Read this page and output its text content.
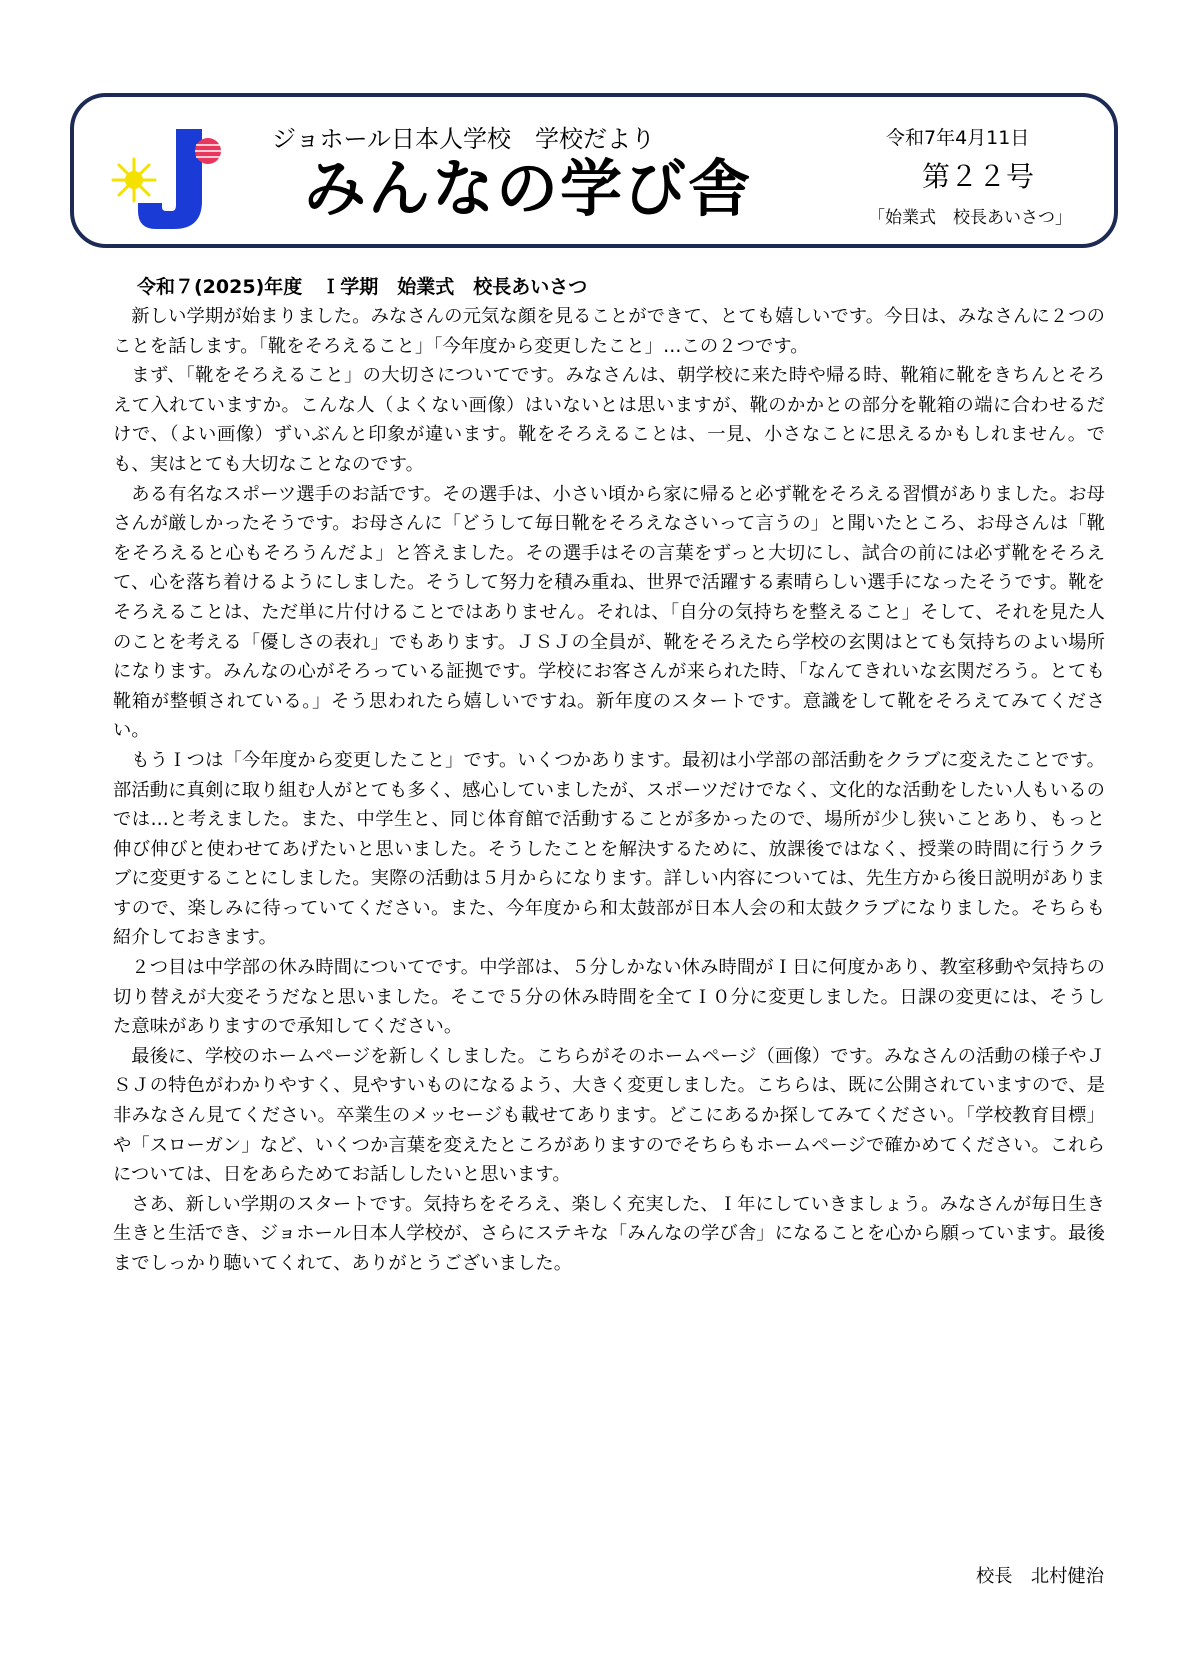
ジョホール日本人学校　学校だより
みんなの学び舎
令和7年4月11日
第２２号
「始業式　校長あいさつ」
令和７(2025)年度　Ｉ学期　始業式　校長あいさつ

新しい学期が始まりました。みなさんの元気な顔を見ることができて、とても嬉しいです。今日は、みなさんに２つのことを話します。「靴をそろえること」「今年度から変更したこと」…この２つです。

まず、「靴をそろえること」の大切さについてです。みなさんは、朝学校に来た時や帰る時、靴箱に靴をきちんとそろえて入れていますか。こんな人（よくない画像）はいないとは思いますが、靴のかかとの部分を靴箱の端に合わせるだけで、（よい画像）ずいぶんと印象が違います。靴をそろえることは、一見、小さなことに思えるかもしれません。でも、実はとても大切なことなのです。

ある有名なスポーツ選手のお話です。その選手は、小さい頃から家に帰ると必ず靴をそろえる習慣がありました。お母さんが厳しかったそうです。お母さんに「どうして毎日靴をそろえなさいって言うの」と聞いたところ、お母さんは「靴をそろえると心もそろうんだよ」と答えました。その選手はその言葉をずっと大切にし、試合の前には必ず靴をそろえて、心を落ち着けるようにしました。そうして努力を積み重ね、世界で活躍する素晴らしい選手になったそうです。靴をそろえることは、ただ単に片付けることではありません。それは、「自分の気持ちを整えること」そして、それを見た人のことを考える「優しさの表れ」でもあります。ＪＳＪの全員が、靴をそろえたら学校の玄関はとても気持ちのよい場所になります。みんなの心がそろっている証拠です。学校にお客さんが来られた時、「なんてきれいな玄関だろう。とても靴箱が整頓されている。」そう思われたら嬉しいですね。新年度のスタートです。意識をして靴をそろえてみてください。

もうＩつは「今年度から変更したこと」です。いくつかあります。最初は小学部の部活動をクラブに変えたことです。部活動に真剣に取り組む人がとても多く、感心していましたが、スポーツだけでなく、文化的な活動をしたい人もいるのでは…と考えました。また、中学生と、同じ体育館で活動することが多かったので、場所が少し狭いことあり、もっと伸び伸びと使わせてあげたいと思いました。そうしたことを解決するために、放課後ではなく、授業の時間に行うクラブに変更することにしました。実際の活動は５月からになります。詳しい内容については、先生方から後日説明がありますので、楽しみに待っていてください。また、今年度から和太鼓部が日本人会の和太鼓クラブになりました。そちらも紹介しておきます。

２つ目は中学部の休み時間についてです。中学部は、５分しかない休み時間がＩ日に何度かあり、教室移動や気持ちの切り替えが大変そうだなと思いました。そこで５分の休み時間を全てＩ０分に変更しました。日課の変更には、そうした意味がありますので承知してください。

最後に、学校のホームページを新しくしました。こちらがそのホームページ（画像）です。みなさんの活動の様子やＪＳＪの特色がわかりやすく、見やすいものになるよう、大きく変更しました。こちらは、既に公開されていますので、是非みなさん見てください。卒業生のメッセージも載せてあります。どこにあるか探してみてください。「学校教育目標」や「スローガン」など、いくつか言葉を変えたところがありますのでそちらもホームページで確かめてください。これらについては、日をあらためてお話ししたいと思います。

さあ、新しい学期のスタートです。気持ちをそろえ、楽しく充実した、Ｉ年にしていきましょう。みなさんが毎日生き生きと生活でき、ジョホール日本人学校が、さらにステキな「みんなの学び舎」になることを心から願っています。最後までしっかり聴いてくれて、ありがとうございました。

校長　北村健治
